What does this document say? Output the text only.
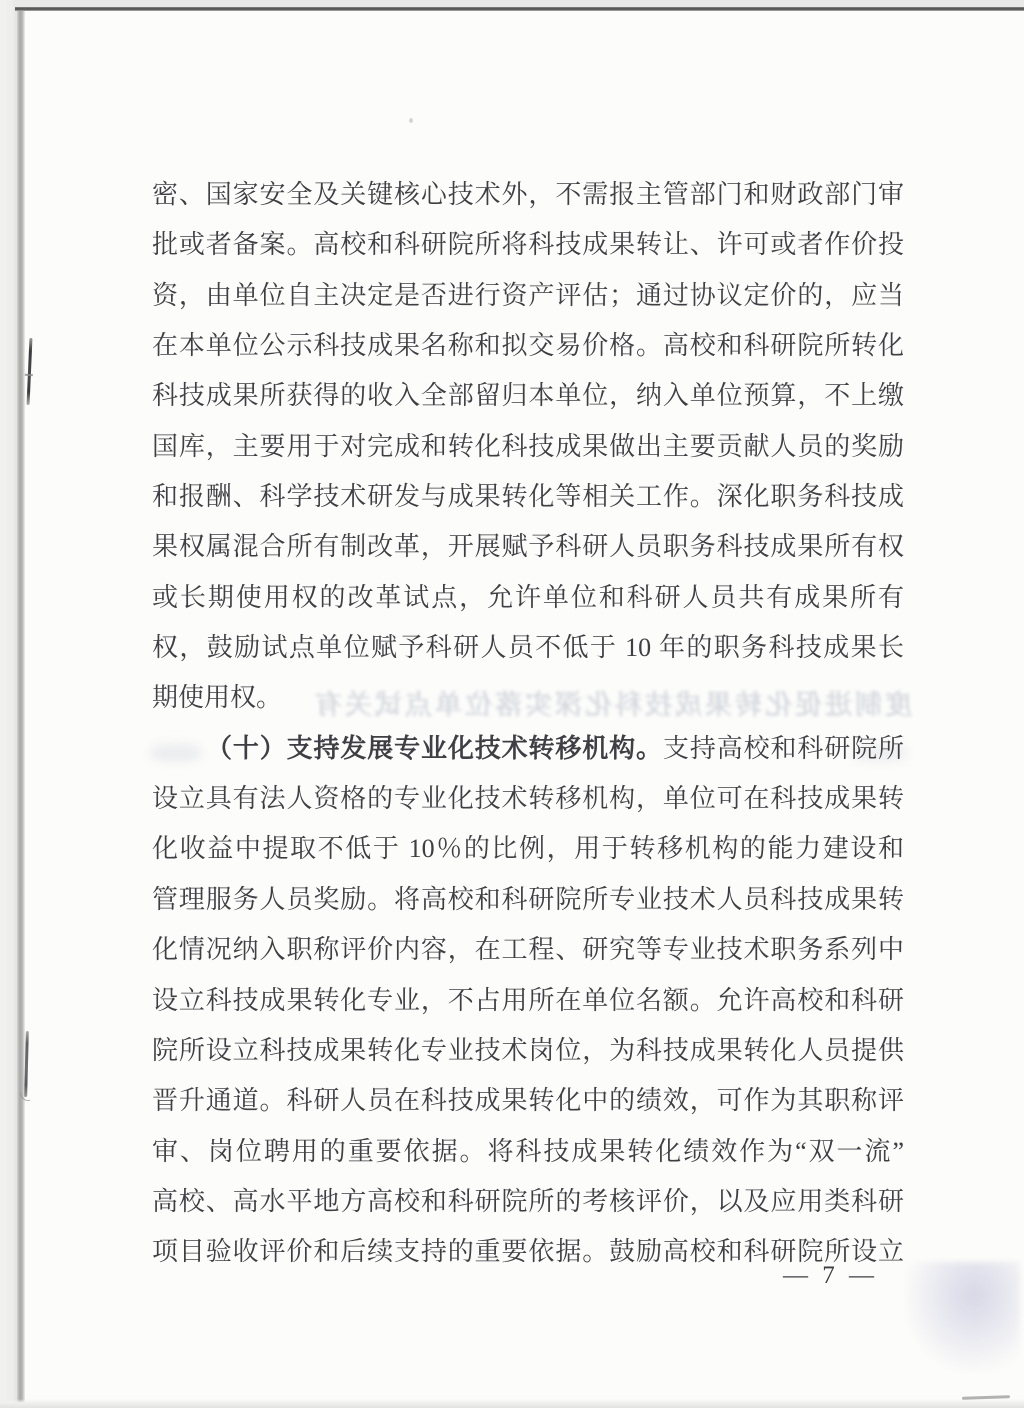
度制进促化转果成技科化深实落位单点试关有
密、国家安全及关键核心技术外，不需报主管部门和财政部门审
批或者备案。高校和科研院所将科技成果转让、许可或者作价投
资，由单位自主决定是否进行资产评估；通过协议定价的，应当
在本单位公示科技成果名称和拟交易价格。高校和科研院所转化
科技成果所获得的收入全部留归本单位，纳入单位预算，不上缴
国库，主要用于对完成和转化科技成果做出主要贡献人员的奖励
和报酬、科学技术研发与成果转化等相关工作。深化职务科技成
果权属混合所有制改革，开展赋予科研人员职务科技成果所有权
或长期使用权的改革试点，允许单位和科研人员共有成果所有
权，鼓励试点单位赋予科研人员不低于 10 年的职务科技成果长
期使用权。
（十）支持发展专业化技术转移机构。支持高校和科研院所
设立具有法人资格的专业化技术转移机构，单位可在科技成果转
化收益中提取不低于 10％的比例，用于转移机构的能力建设和
管理服务人员奖励。将高校和科研院所专业技术人员科技成果转
化情况纳入职称评价内容，在工程、研究等专业技术职务系列中
设立科技成果转化专业，不占用所在单位名额。允许高校和科研
院所设立科技成果转化专业技术岗位，为科技成果转化人员提供
晋升通道。科研人员在科技成果转化中的绩效，可作为其职称评
审、岗位聘用的重要依据。将科技成果转化绩效作为“双一流”
高校、高水平地方高校和科研院所的考核评价，以及应用类科研
项目验收评价和后续支持的重要依据。鼓励高校和科研院所设立
— 7 —
